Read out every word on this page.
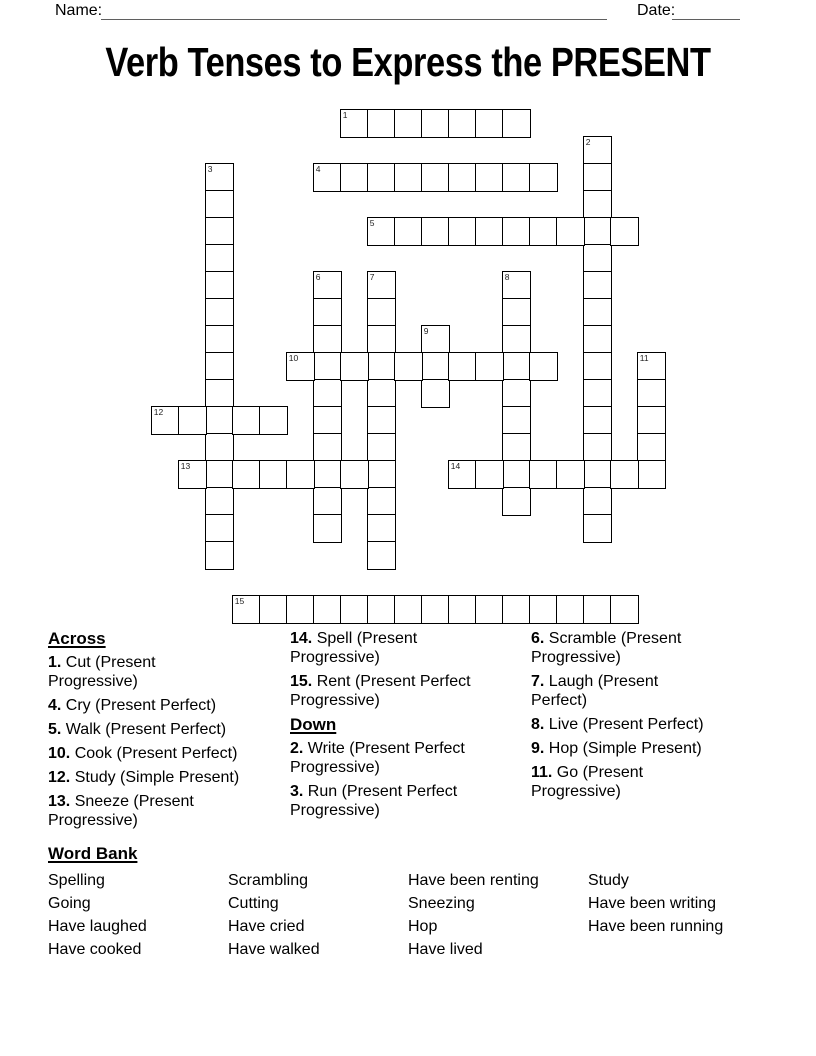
Name:	Date:
Verb Tenses to Express the PRESENT
1
2
3	4
5
6	7	8
9
10	11
12
13	14
15
Across
1. Cut (Present Progressive)
4. Cry (Present Perfect)
5. Walk (Present Perfect)
10. Cook (Present Perfect)
12. Study (Simple Present)
13. Sneeze (Present Progressive)
14. Spell (Present Progressive)
15. Rent (Present Perfect Progressive)
Down
2. Write (Present Perfect Progressive)
3. Run (Present Perfect Progressive)
6. Scramble (Present Progressive)
7. Laugh (Present Perfect)
8. Live (Present Perfect)
9. Hop (Simple Present)
11. Go (Present Progressive)
Word Bank
Spelling
Going
Have laughed
Have cooked
Scrambling
Cutting
Have cried
Have walked
Have been renting
Sneezing
Hop
Have lived
Study
Have been writing
Have been running
